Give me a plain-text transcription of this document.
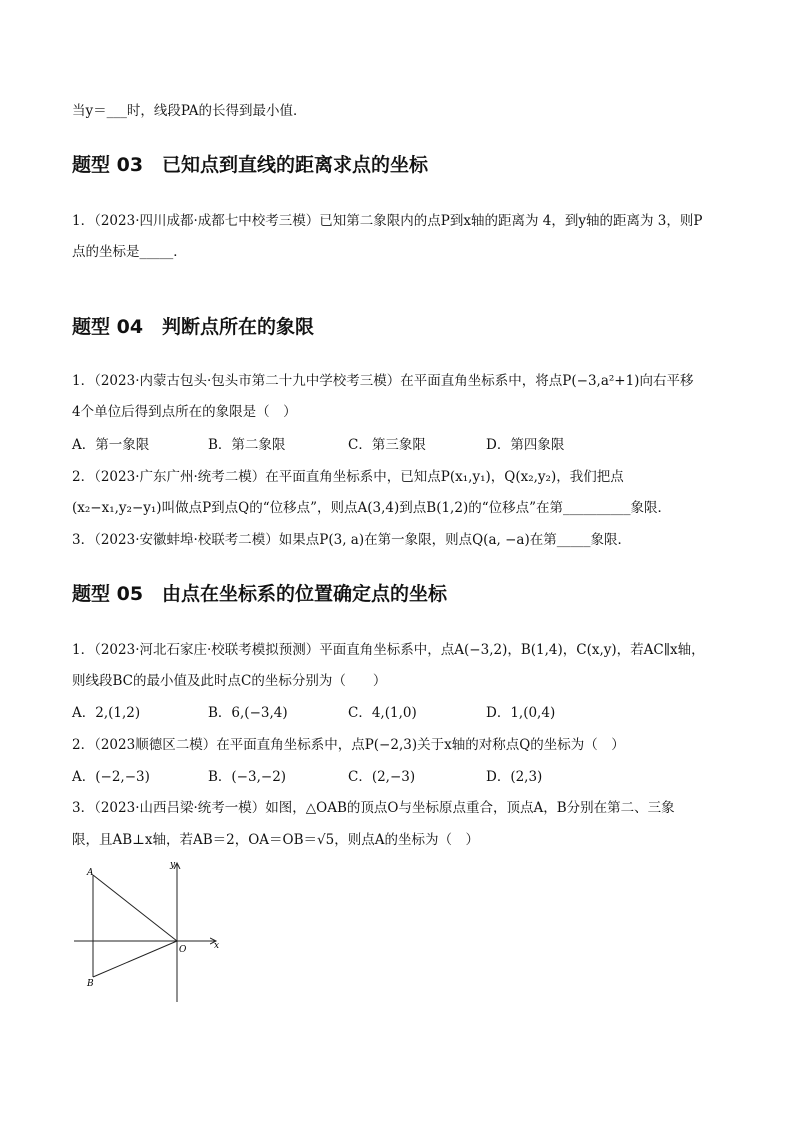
当y＝___时，线段PA的长得到最小值．
题型 03　已知点到直线的距离求点的坐标
1．（2023·四川成都·成都七中校考三模）已知第二象限内的点P到x轴的距离为 4，到y轴的距离为 3，则P
点的坐标是_____．
题型 04　判断点所在的象限
1．（2023·内蒙古包头·包头市第二十九中学校考三模）在平面直角坐标系中，将点P(−3,a²+1)向右平移
4个单位后得到点所在的象限是（　）
A．第一象限	B．第二象限	C．第三象限	D．第四象限
2．（2023·广东广州·统考二模）在平面直角坐标系中，已知点P(x₁,y₁)，Q(x₂,y₂)，我们把点
(x₂−x₁,y₂−y₁)叫做点P到点Q的“位移点”，则点A(3,4)到点B(1,2)的“位移点”在第__________象限．
3．（2023·安徽蚌埠·校联考二模）如果点P(3, a)在第一象限，则点Q(a, −a)在第_____象限．
题型 05　由点在坐标系的位置确定点的坐标
1．（2023·河北石家庄·校联考模拟预测）平面直角坐标系中，点A(−3,2)，B(1,4)，C(x,y)，若AC∥x轴，
则线段BC的最小值及此时点C的坐标分别为（　　）
A．2,(1,2)	B．6,(−3,4)	C．4,(1,0)	D．1,(0,4)
2．（2023顺德区二模）在平面直角坐标系中，点P(−2,3)关于x轴的对称点Q的坐标为（　）
A．(−2,−3)	B．(−3,−2)	C．(2,−3)	D．(2,3)
3．（2023·山西吕梁·统考一模）如图，△OAB的顶点O与坐标原点重合，顶点A，B分别在第二、三象
限，且AB⊥x轴，若AB＝2，OA＝OB＝√5，则点A的坐标为（　）
y
x
O
A
B
